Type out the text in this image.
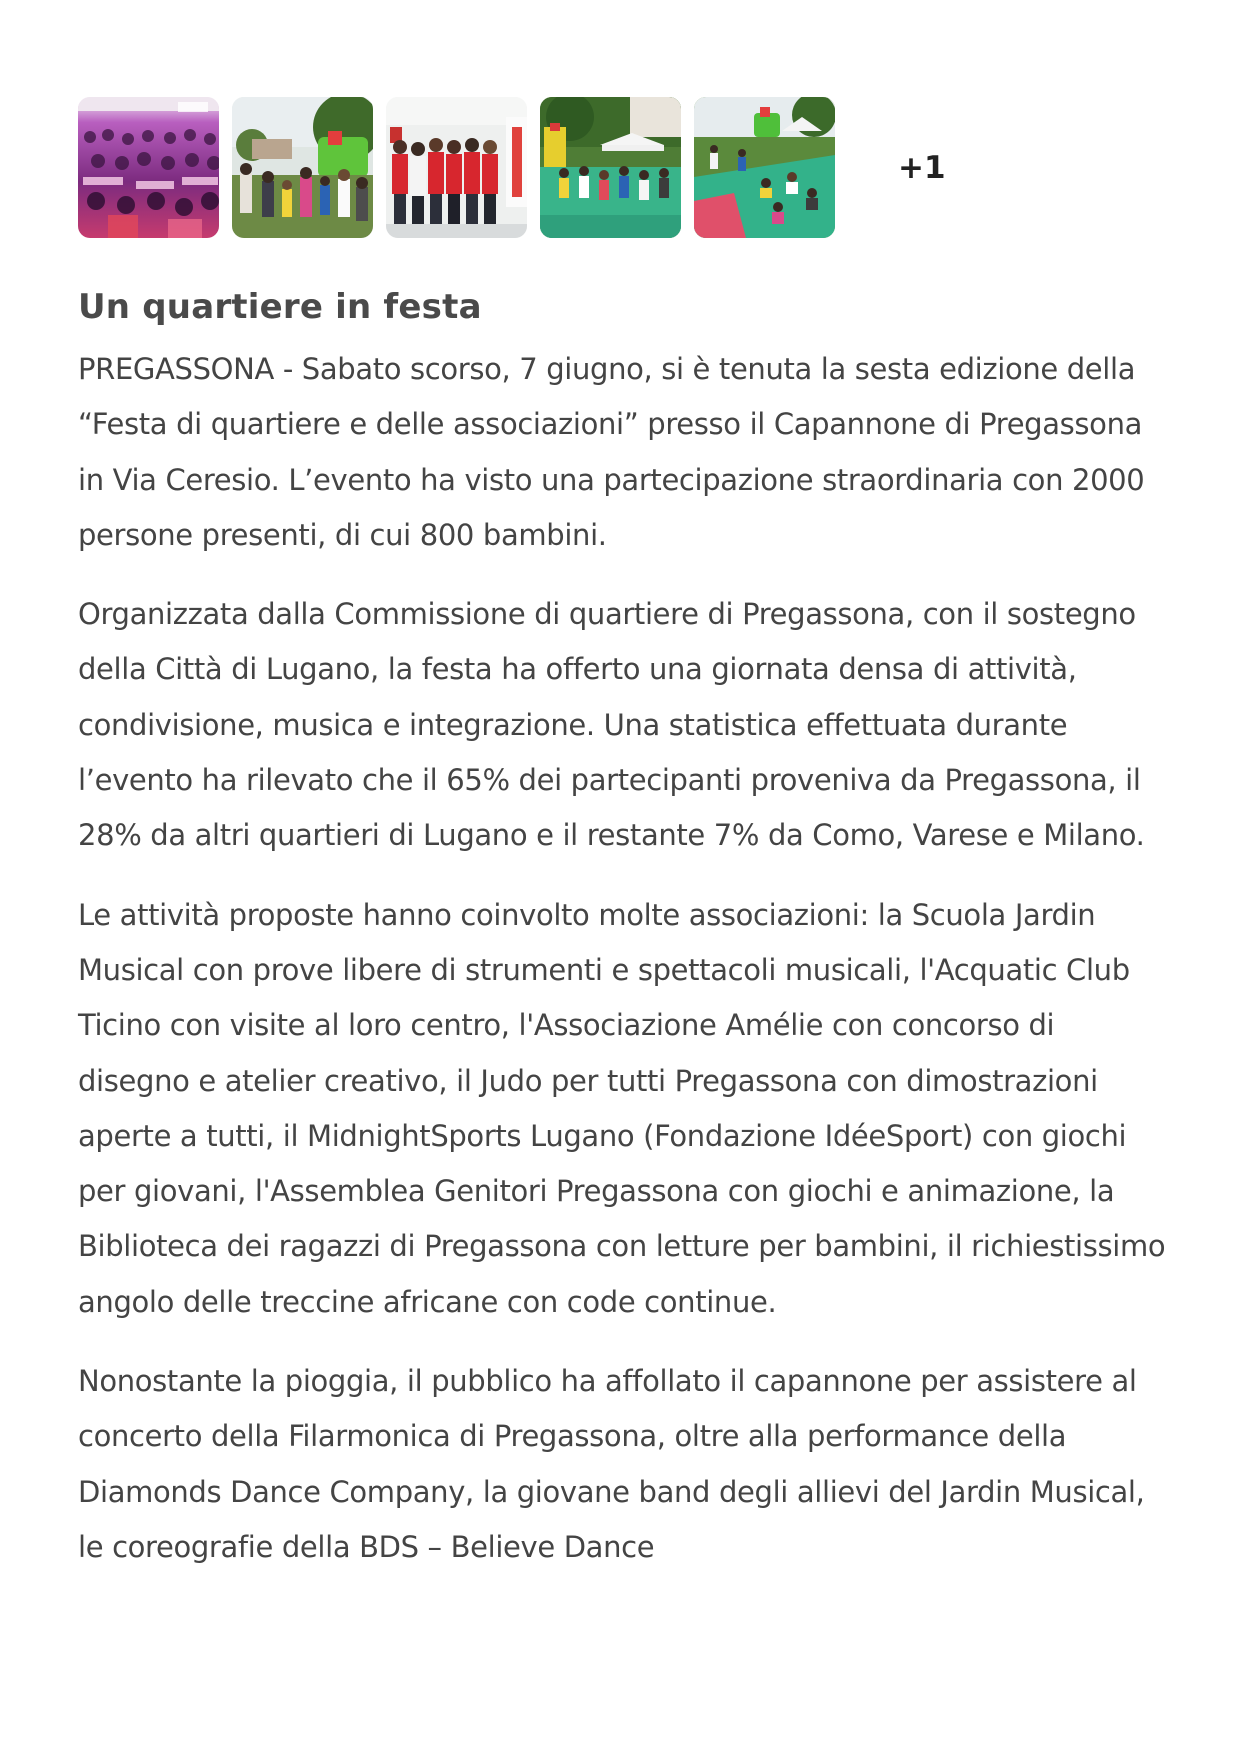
+1
Un quartiere in festa

PREGASSONA - Sabato scorso, 7 giugno, si è tenuta la sesta edizione della “Festa di quartiere e delle associazioni” presso il Capannone di Pregassona in Via Ceresio. L’evento ha visto una partecipazione straordinaria con 2000 persone presenti, di cui 800 bambini.

Organizzata dalla Commissione di quartiere di Pregassona, con il sostegno della Città di Lugano, la festa ha offerto una giornata densa di attività, condivisione, musica e integrazione. Una statistica effettuata durante l’evento ha rilevato che il 65% dei partecipanti proveniva da Pregassona, il 28% da altri quartieri di Lugano e il restante 7% da Como, Varese e Milano.

Le attività proposte hanno coinvolto molte associazioni: la Scuola Jardin Musical con prove libere di strumenti e spettacoli musicali, l'Acquatic Club Ticino con visite al loro centro, l'Associazione Amélie con concorso di disegno e atelier creativo, il Judo per tutti Pregassona con dimostrazioni aperte a tutti, il MidnightSports Lugano (Fondazione IdéeSport) con giochi per giovani, l'Assemblea Genitori Pregassona con giochi e animazione, la Biblioteca dei ragazzi di Pregassona con letture per bambini, il richiestissimo angolo delle treccine africane con code continue.

Nonostante la pioggia, il pubblico ha affollato il capannone per assistere al concerto della Filarmonica di Pregassona, oltre alla performance della Diamonds Dance Company, la giovane band degli allievi del Jardin Musical, le coreografie della BDS – Believe Dance
